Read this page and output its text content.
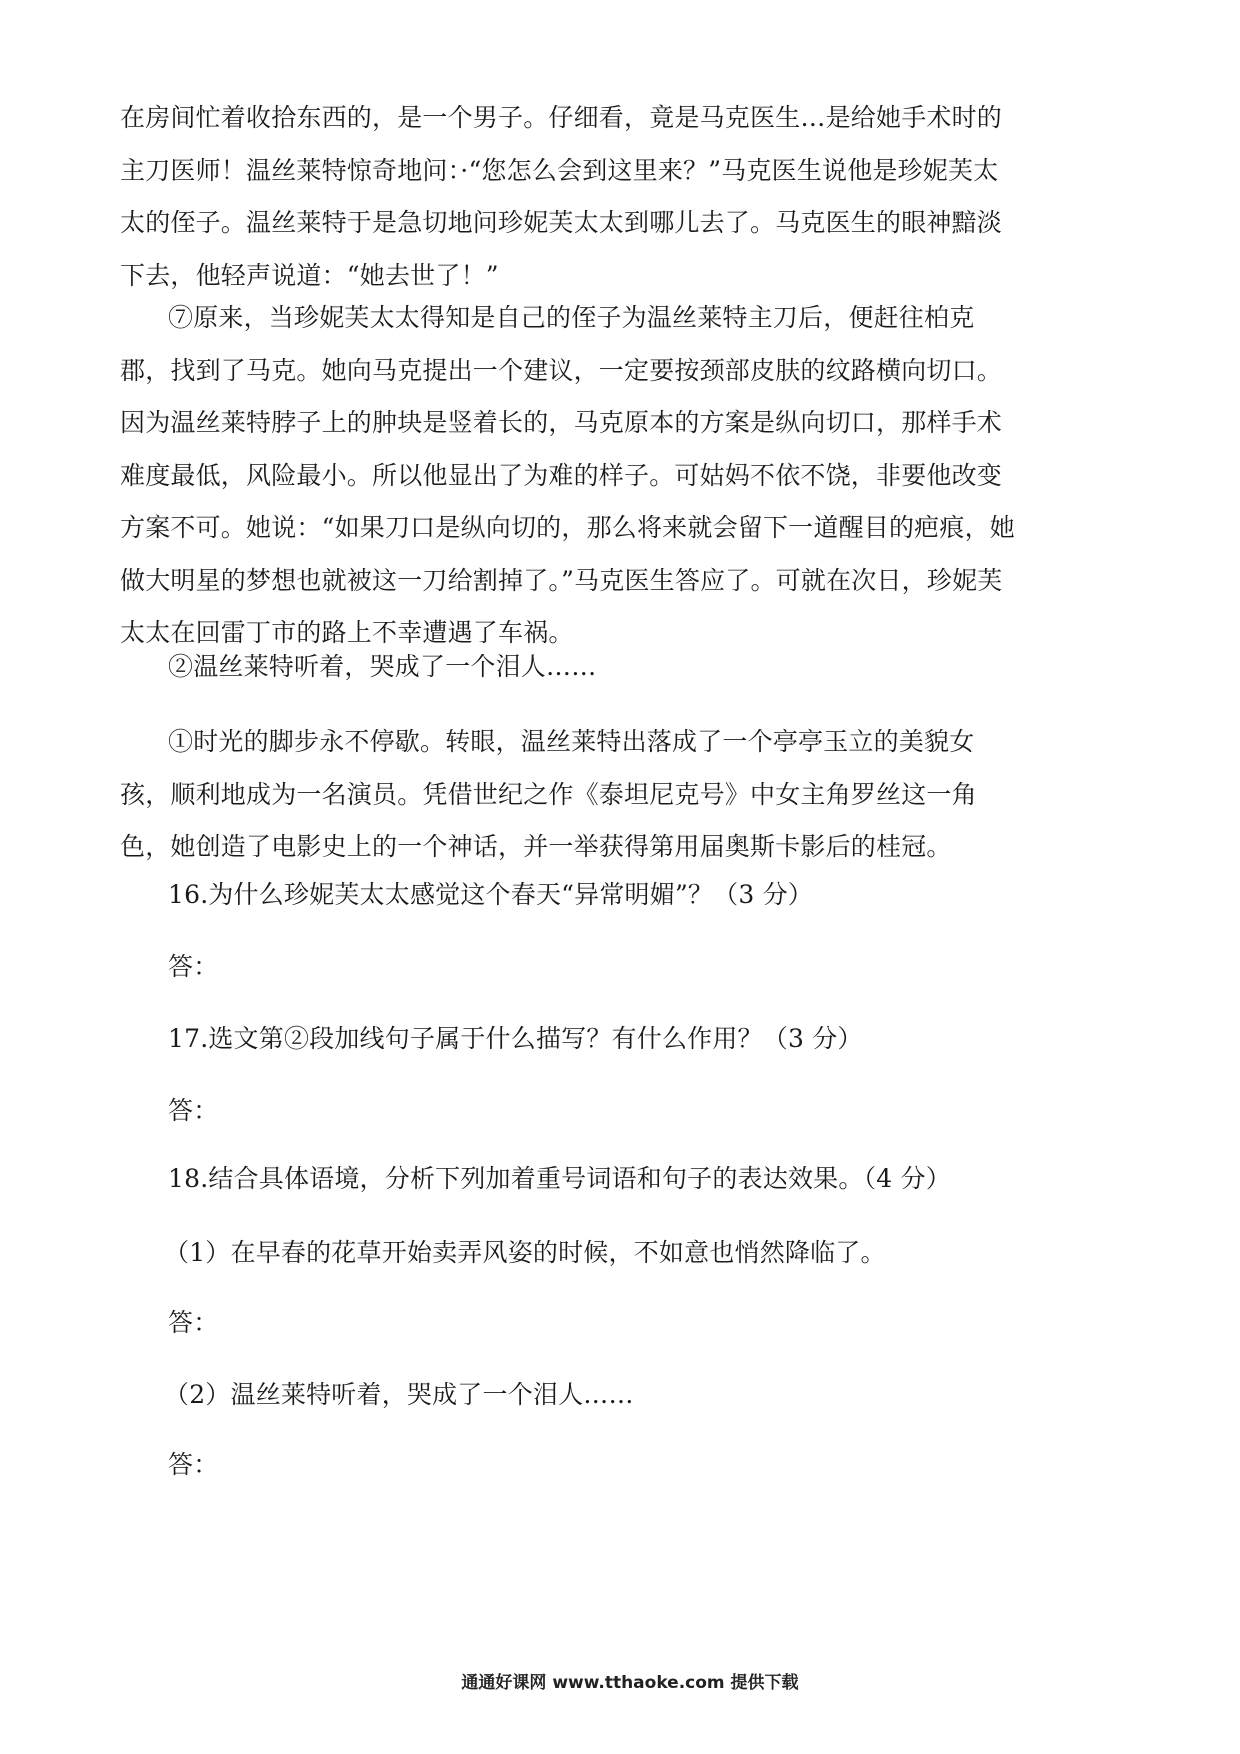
在房间忙着收拾东西的，是一个男子。仔细看，竟是马克医生…是给她手术时的主刀医师！温丝莱特惊奇地问：·“您怎么会到这里来？”马克医生说他是珍妮芙太太的侄子。温丝莱特于是急切地问珍妮芙太太到哪儿去了。马克医生的眼神黯淡下去，他轻声说道：“她去世了！”

⑦原来，当珍妮芙太太得知是自己的侄子为温丝莱特主刀后，便赶往柏克郡，找到了马克。她向马克提出一个建议，一定要按颈部皮肤的纹路横向切口。因为温丝莱特脖子上的肿块是竖着长的，马克原本的方案是纵向切口，那样手术难度最低，风险最小。所以他显出了为难的样子。可姑妈不依不饶，非要他改变方案不可。她说：“如果刀口是纵向切的，那么将来就会留下一道醒目的疤痕，她做大明星的梦想也就被这一刀给割掉了。”马克医生答应了。可就在次日，珍妮芙太太在回雷丁市的路上不幸遭遇了车祸。

②温丝莱特听着，哭成了一个泪人……

①时光的脚步永不停歇。转眼，温丝莱特出落成了一个亭亭玉立的美貌女孩，顺利地成为一名演员。凭借世纪之作《泰坦尼克号》中女主角罗丝这一角色，她创造了电影史上的一个神话，并一举获得第用届奥斯卡影后的桂冠。

16.为什么珍妮芙太太感觉这个春天“异常明媚”？（3 分）

答：

17.选文第②段加线句子属于什么描写？有什么作用？（3 分）

答：

18.结合具体语境，分析下列加着重号词语和句子的表达效果。（4 分）

（1）在早春的花草开始卖弄风姿的时候，不如意也悄然降临了。

答：

（2）温丝莱特听着，哭成了一个泪人……

答：

通通好课网 www.tthaoke.com 提供下载
